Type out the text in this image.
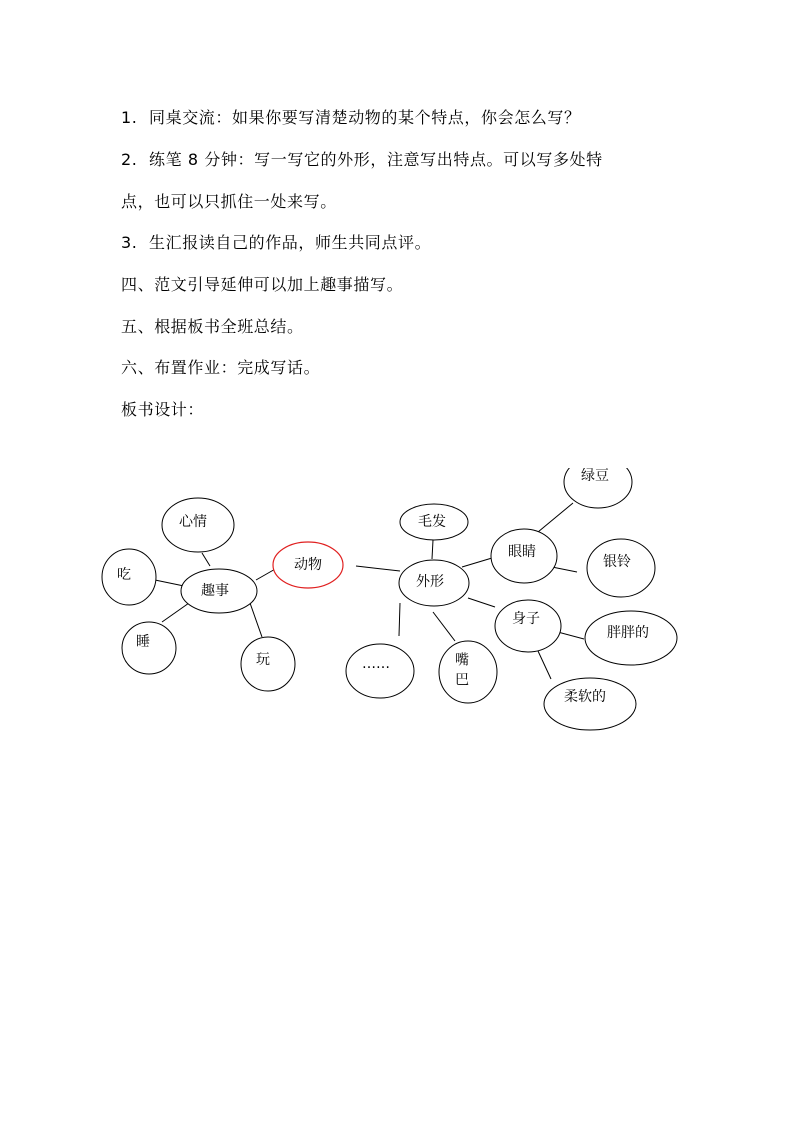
1. 同桌交流：如果你要写清楚动物的某个特点，你会怎么写？
2. 练笔 8 分钟：写一写它的外形，注意写出特点。可以写多处特
点，也可以只抓住一处来写。
3. 生汇报读自己的作品，师生共同点评。
四、范文引导延伸可以加上趣事描写。
五、根据板书全班总结。
六、布置作业：完成写话。
板书设计：
动物
趣事
心情
吃
睡
玩
外形
毛发
眼睛
身子
……	嘴巴
绿豆
银铃
胖胖的
柔软的
